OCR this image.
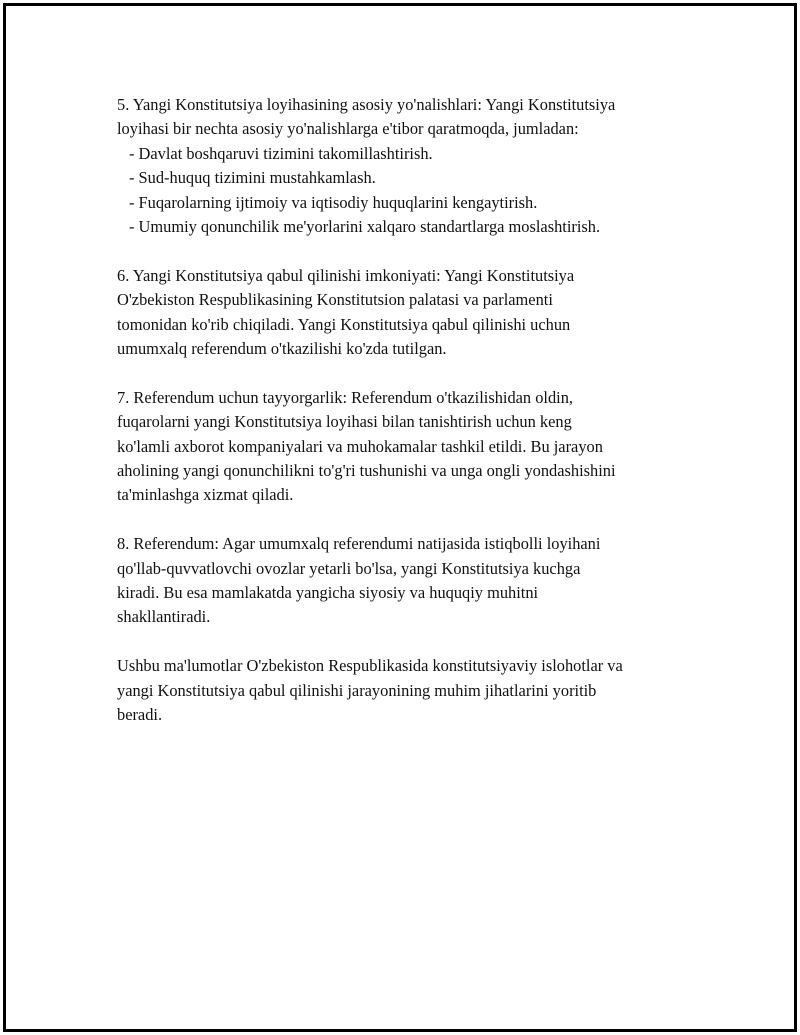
5. Yangi Konstitutsiya loyihasining asosiy yo'nalishlari: Yangi Konstitutsiya
loyihasi bir nechta asosiy yo'nalishlarga e'tibor qaratmoqda, jumladan:
- Davlat boshqaruvi tizimini takomillashtirish.
- Sud-huquq tizimini mustahkamlash.
- Fuqarolarning ijtimoiy va iqtisodiy huquqlarini kengaytirish.
- Umumiy qonunchilik me'yorlarini xalqaro standartlarga moslashtirish.
6. Yangi Konstitutsiya qabul qilinishi imkoniyati: Yangi Konstitutsiya
O'zbekiston Respublikasining Konstitutsion palatasi va parlamenti
tomonidan ko'rib chiqiladi. Yangi Konstitutsiya qabul qilinishi uchun
umumxalq referendum o'tkazilishi ko'zda tutilgan.
7. Referendum uchun tayyorgarlik: Referendum o'tkazilishidan oldin,
fuqarolarni yangi Konstitutsiya loyihasi bilan tanishtirish uchun keng
ko'lamli axborot kompaniyalari va muhokamalar tashkil etildi. Bu jarayon
aholining yangi qonunchilikni to'g'ri tushunishi va unga ongli yondashishini
ta'minlashga xizmat qiladi.
8. Referendum: Agar umumxalq referendumi natijasida istiqbolli loyihani
qo'llab-quvvatlovchi ovozlar yetarli bo'lsa, yangi Konstitutsiya kuchga
kiradi. Bu esa mamlakatda yangicha siyosiy va huquqiy muhitni
shakllantiradi.
Ushbu ma'lumotlar O'zbekiston Respublikasida konstitutsiyaviy islohotlar va
yangi Konstitutsiya qabul qilinishi jarayonining muhim jihatlarini yoritib
beradi.
